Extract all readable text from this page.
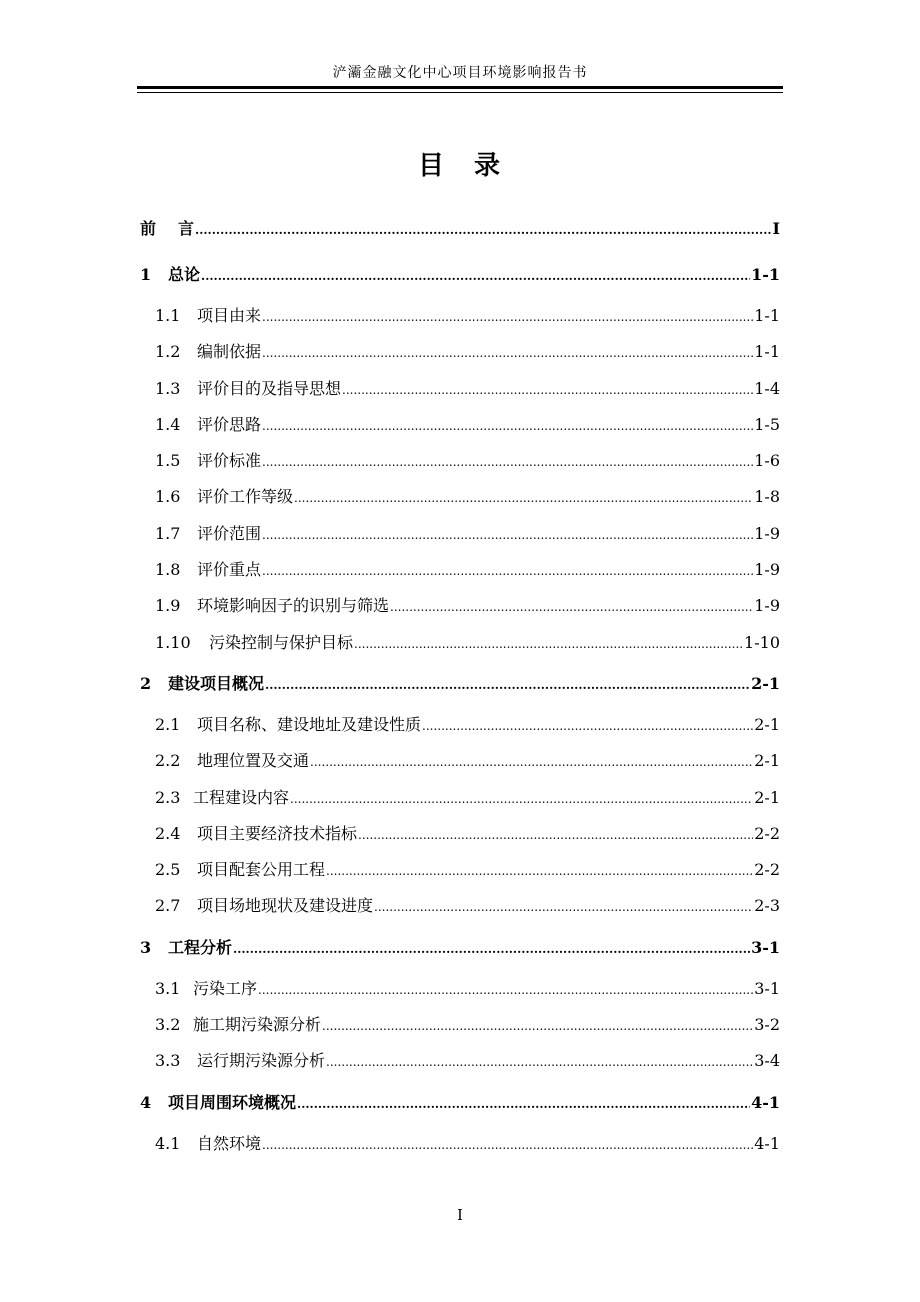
浐灞金融文化中心项目环境影响报告书
目　录
前	言 .....	I
1	总论 .....	1-1
1.1	项目由来 .....	1-1
1.2	编制依据 .....	1-1
1.3	评价目的及指导思想 .....	1-4
1.4	评价思路 .....	1-5
1.5	评价标准 .....	1-6
1.6	评价工作等级 .....	1-8
1.7	评价范围 .....	1-9
1.8	评价重点 .....	1-9
1.9	环境影响因子的识别与筛选 .....	1-9
1.10	污染控制与保护目标 .....	1-10
2	建设项目概况 .....	2-1
2.1	项目名称、建设地址及建设性质 .....	2-1
2.2	地理位置及交通 .....	2-1
2.3 工程建设内容 .....	2-1
2.4	项目主要经济技术指标 .....	2-2
2.5	项目配套公用工程 .....	2-2
2.7	项目场地现状及建设进度 .....	2-3
3	工程分析 .....	3-1
3.1 污染工序 .....	3-1
3.2 施工期污染源分析 .....	3-2
3.3	运行期污染源分析 .....	3-4
4	项目周围环境概况 .....	4-1
4.1	自然环境 .....	4-1
I
